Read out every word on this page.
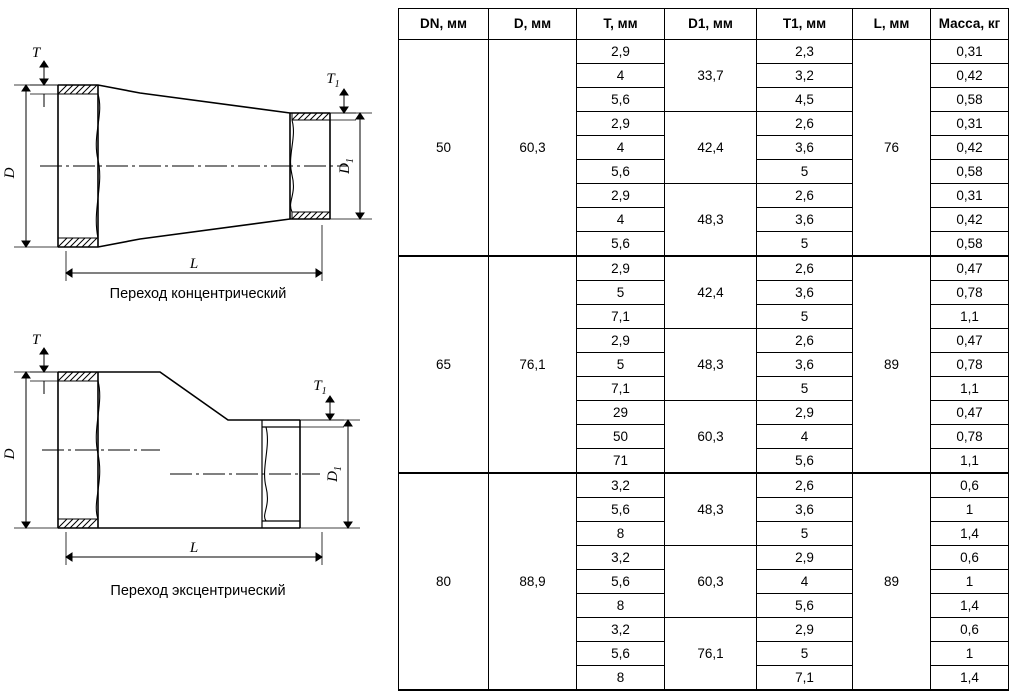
D	$D_1$
T
$T_1$
L
Переход концентрический
D
$D_1$
T
$T_1$
L
Переход эксцентрический
DN, мм	D, мм	T, мм	D1, мм	T1, мм	L, мм	Масса, кг
50	60,3	2,9	33,7	2,3	76	0,31
		4		3,2		0,42
		5,6		4,5		0,58
		2,9	42,4	2,6		0,31
		4		3,6		0,42
		5,6		5		0,58
		2,9	48,3	2,6		0,31
		4		3,6		0,42
		5,6		5		0,58
65	76,1	2,9	42,4	2,6	89	0,47
		5		3,6		0,78
		7,1		5		1,1
		2,9	48,3	2,6		0,47
		5		3,6		0,78
		7,1		5		1,1
		29	60,3	2,9		0,47
		50		4		0,78
		71		5,6		1,1
80	88,9	3,2	48,3	2,6	89	0,6
		5,6		3,6		1
		8		5		1,4
		3,2	60,3	2,9		0,6
		5,6		4		1
		8		5,6		1,4
		3,2	76,1	2,9		0,6
		5,6		5		1
		8		7,1		1,4
